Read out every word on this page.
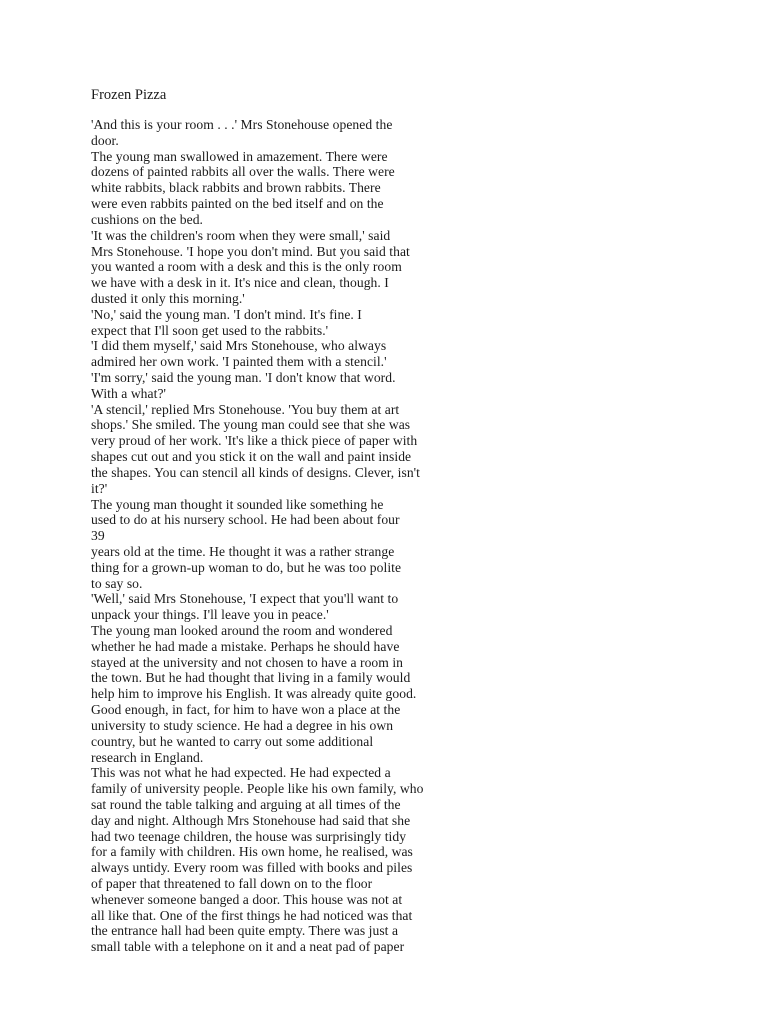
Frozen Pizza
'And this is your room . . .' Mrs Stonehouse opened the
door.
The young man swallowed in amazement. There were
dozens of painted rabbits all over the walls. There were
white rabbits, black rabbits and brown rabbits. There
were even rabbits painted on the bed itself and on the
cushions on the bed.
'It was the children's room when they were small,' said
Mrs Stonehouse. 'I hope you don't mind. But you said that
you wanted a room with a desk and this is the only room
we have with a desk in it. It's nice and clean, though. I
dusted it only this morning.'
'No,' said the young man. 'I don't mind. It's fine. I
expect that I'll soon get used to the rabbits.'
'I did them myself,' said Mrs Stonehouse, who always
admired her own work. 'I painted them with a stencil.'
'I'm sorry,' said the young man. 'I don't know that word.
With a what?'
'A stencil,' replied Mrs Stonehouse. 'You buy them at art
shops.' She smiled. The young man could see that she was
very proud of her work. 'It's like a thick piece of paper with
shapes cut out and you stick it on the wall and paint inside
the shapes. You can stencil all kinds of designs. Clever, isn't
it?'
The young man thought it sounded like something he
used to do at his nursery school. He had been about four
39
years old at the time. He thought it was a rather strange
thing for a grown-up woman to do, but he was too polite
to say so.
'Well,' said Mrs Stonehouse, 'I expect that you'll want to
unpack your things. I'll leave you in peace.'
The young man looked around the room and wondered
whether he had made a mistake. Perhaps he should have
stayed at the university and not chosen to have a room in
the town. But he had thought that living in a family would
help him to improve his English. It was already quite good.
Good enough, in fact, for him to have won a place at the
university to study science. He had a degree in his own
country, but he wanted to carry out some additional
research in England.
This was not what he had expected. He had expected a
family of university people. People like his own family, who
sat round the table talking and arguing at all times of the
day and night. Although Mrs Stonehouse had said that she
had two teenage children, the house was surprisingly tidy
for a family with children. His own home, he realised, was
always untidy. Every room was filled with books and piles
of paper that threatened to fall down on to the floor
whenever someone banged a door. This house was not at
all like that. One of the first things he had noticed was that
the entrance hall had been quite empty. There was just a
small table with a telephone on it and a neat pad of paper
